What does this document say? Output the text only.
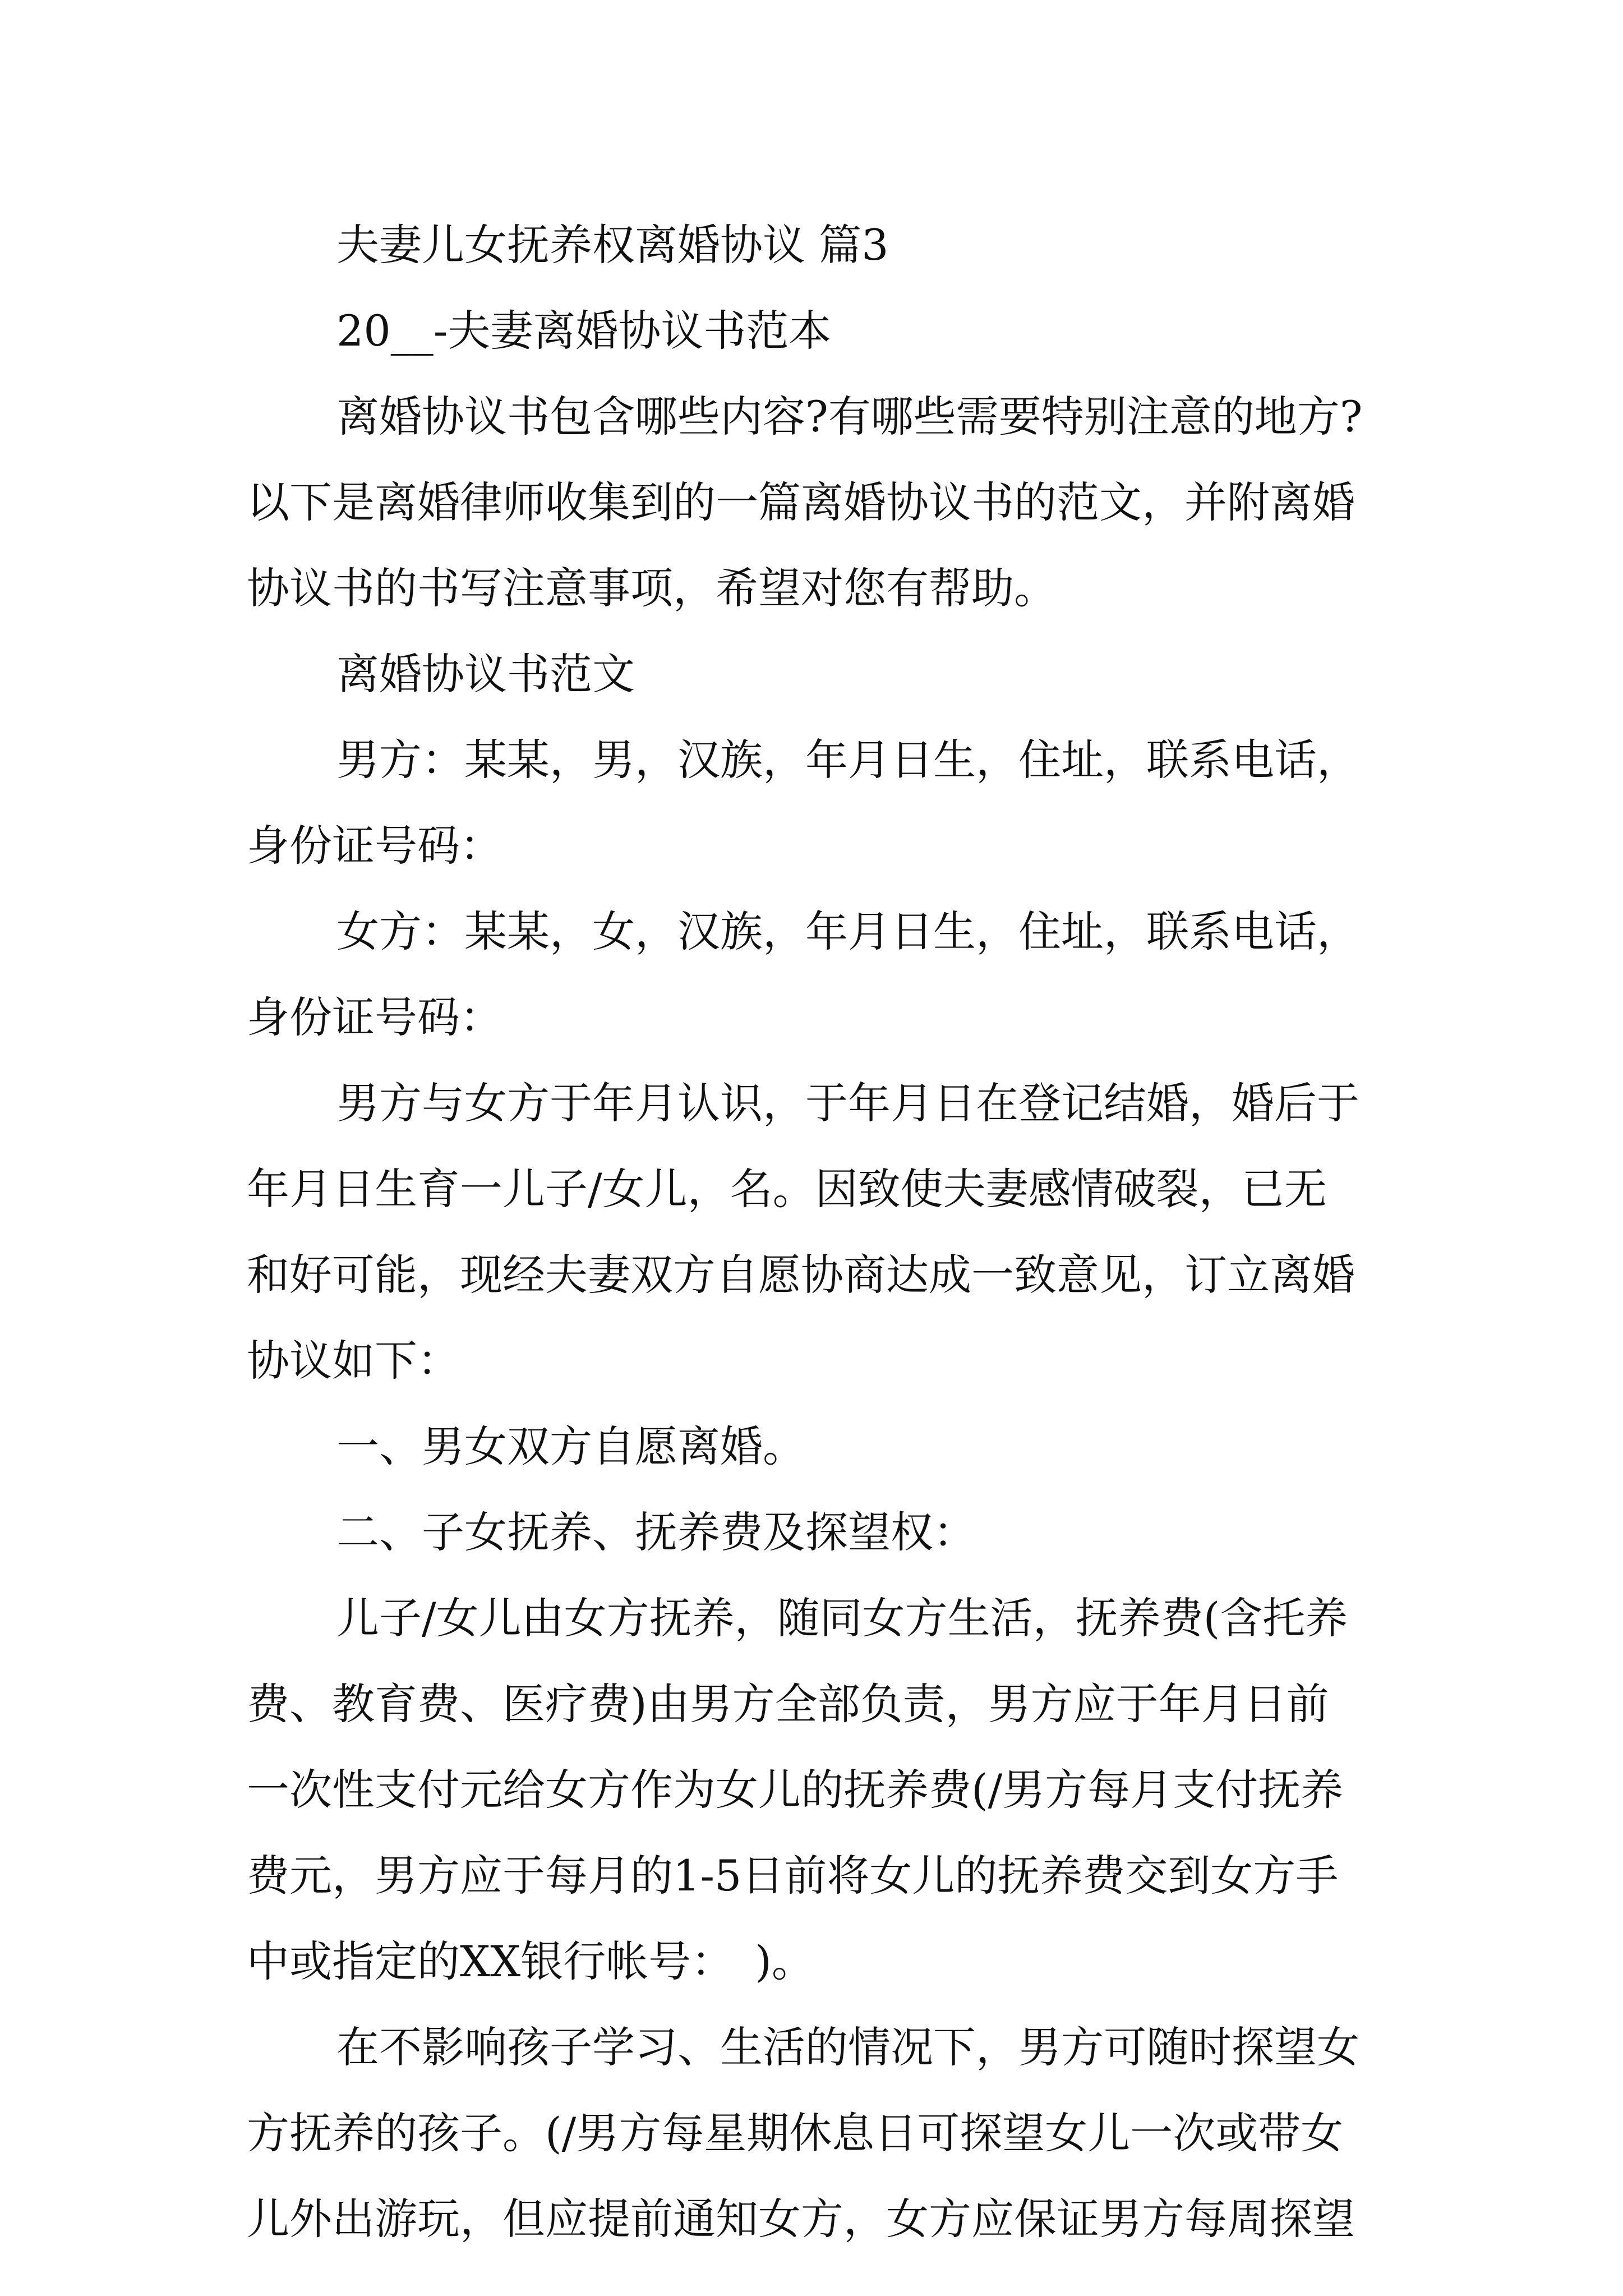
夫妻儿女抚养权离婚协议 篇3
20__-夫妻离婚协议书范本
离婚协议书包含哪些内容?有哪些需要特别注意的地方?
以下是离婚律师收集到的一篇离婚协议书的范文，并附离婚
协议书的书写注意事项，希望对您有帮助。
离婚协议书范文
男方：某某，男，汉族，年月日生，住址，联系电话，
身份证号码：
女方：某某，女，汉族，年月日生，住址，联系电话，
身份证号码：
男方与女方于年月认识，于年月日在登记结婚，婚后于
年月日生育一儿子/女儿，名。因致使夫妻感情破裂，已无
和好可能，现经夫妻双方自愿协商达成一致意见，订立离婚
协议如下：
一、男女双方自愿离婚。
二、子女抚养、抚养费及探望权：
儿子/女儿由女方抚养，随同女方生活，抚养费(含托养
费、教育费、医疗费)由男方全部负责，男方应于年月日前
一次性支付元给女方作为女儿的抚养费(/男方每月支付抚养
费元，男方应于每月的1-5日前将女儿的抚养费交到女方手
中或指定的XX银行帐号：　)。
在不影响孩子学习、生活的情况下，男方可随时探望女
方抚养的孩子。(/男方每星期休息日可探望女儿一次或带女
儿外出游玩，但应提前通知女方，女方应保证男方每周探望
